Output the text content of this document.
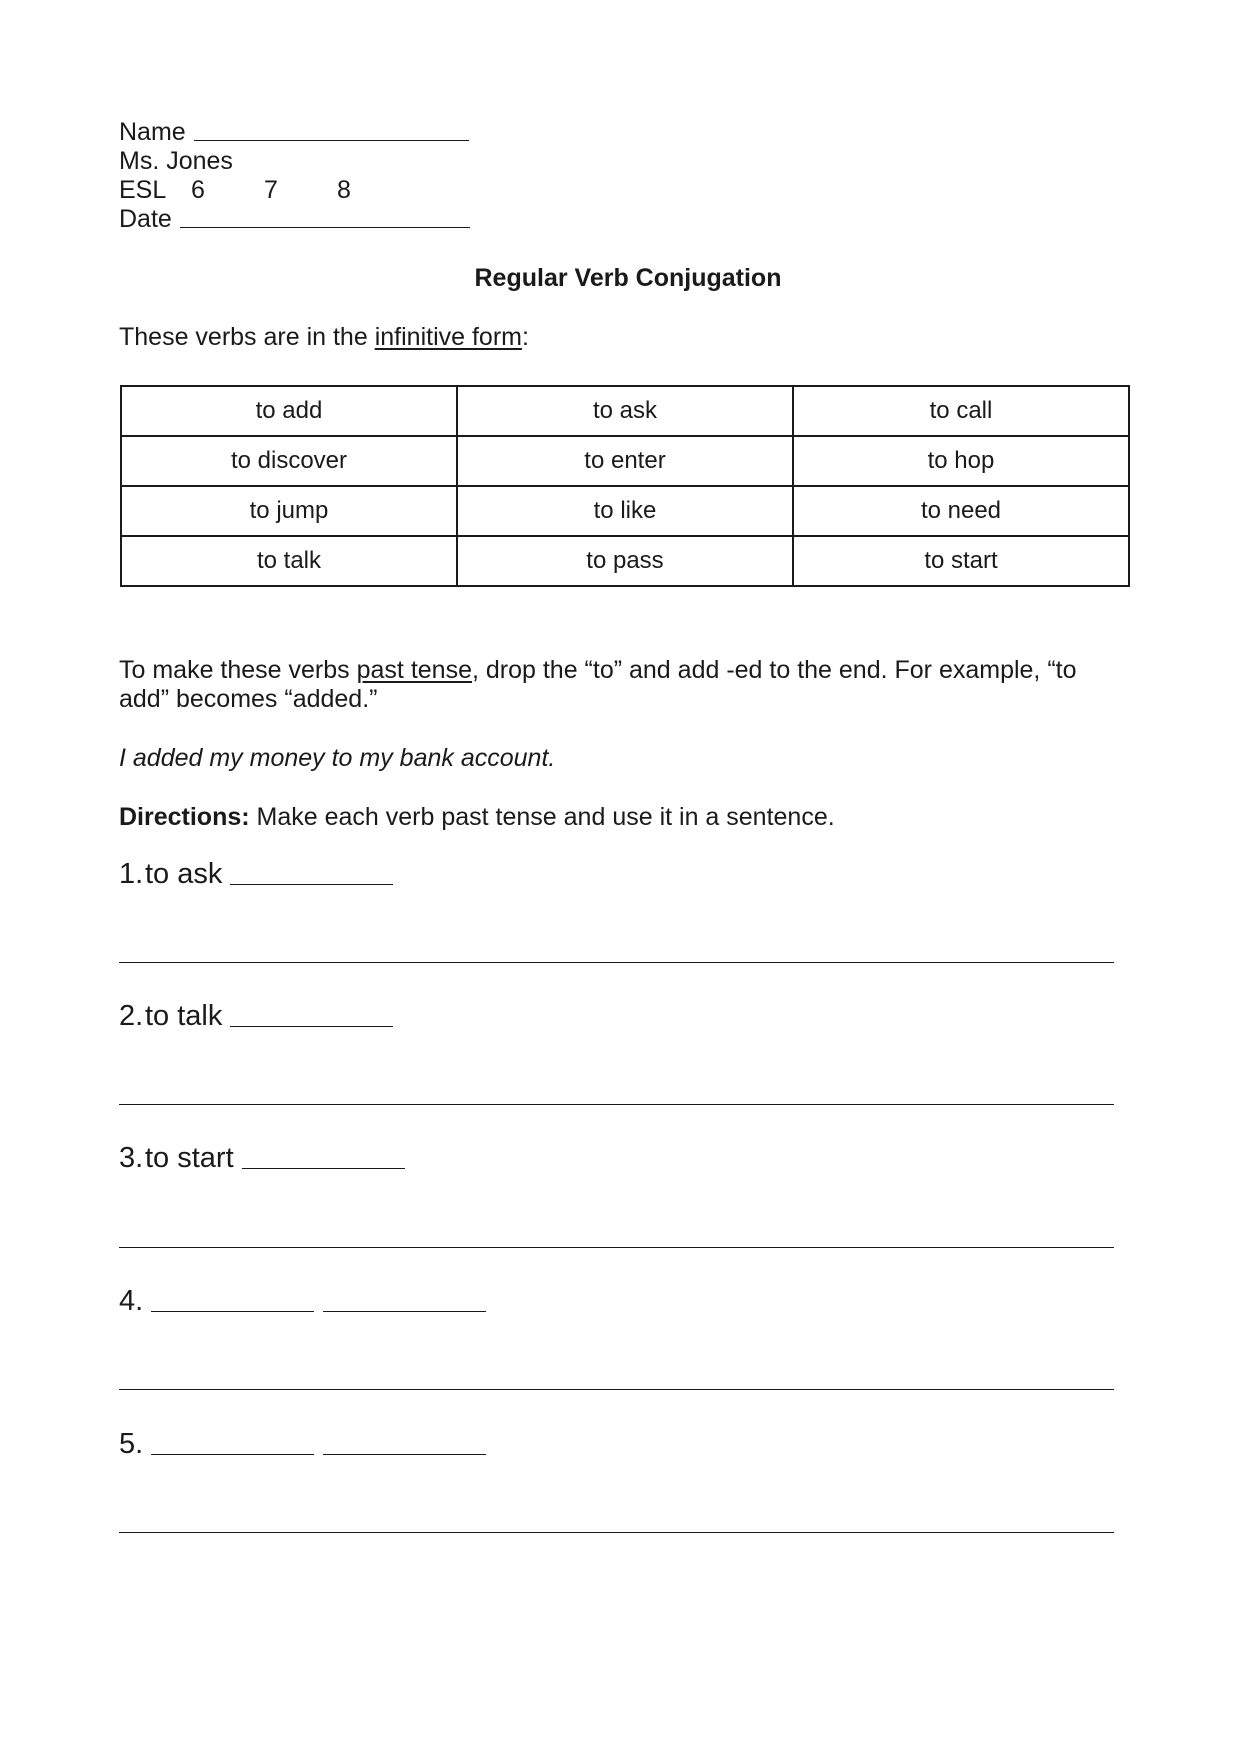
Name
Ms. Jones
ESL 6	7	8
Date
Regular Verb Conjugation
These verbs are in the infinitive form:
to add	to ask	to call
to discover	to enter	to hop
to jump	to like	to need
to talk	to pass	to start
To make these verbs past tense, drop the “to” and add -ed to the end. For example, “to add” becomes “added.”
I added my money to my bank account.
Directions: Make each verb past tense and use it in a sentence.
1. to ask
2. to talk
3. to start
4.
5.
